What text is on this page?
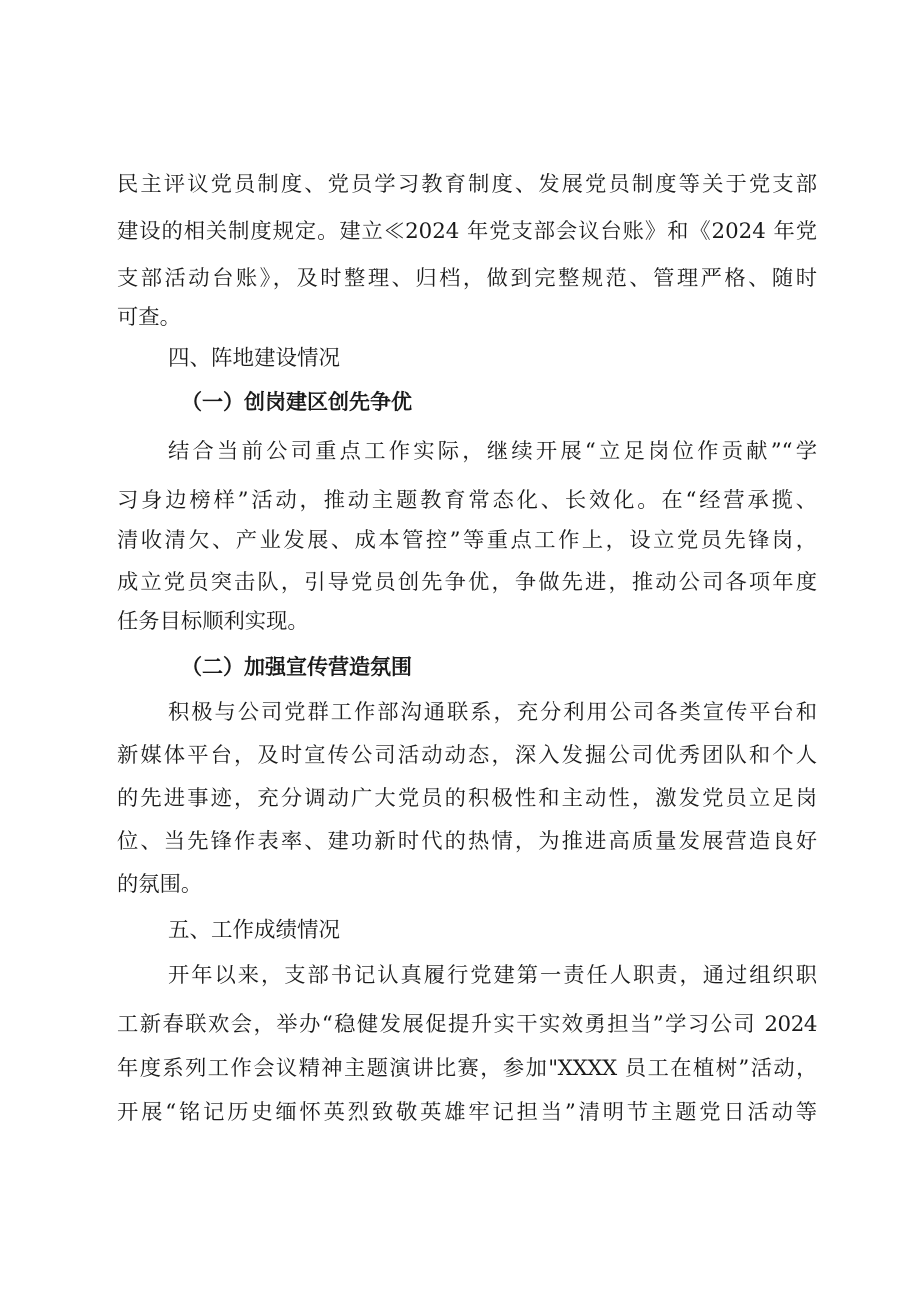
民主评议党员制度、党员学习教育制度、发展党员制度等关于党支部

建设的相关制度规定。建立≪2024 年党支部会议台账》和《2024 年党

支部活动台账》，及时整理、归档，做到完整规范、管理严格、随时

可查。

四、阵地建设情况
（一）创岗建区创先争优

结合当前公司重点工作实际，继续开展“立足岗位作贡献”“学

习身边榜样”活动，推动主题教育常态化、长效化。在“经营承揽、

清收清欠、产业发展、成本管控”等重点工作上，设立党员先锋岗，

成立党员突击队，引导党员创先争优，争做先进，推动公司各项年度

任务目标顺利实现。

（二）加强宣传营造氛围

积极与公司党群工作部沟通联系，充分利用公司各类宣传平台和

新媒体平台，及时宣传公司活动动态，深入发掘公司优秀团队和个人

的先进事迹，充分调动广大党员的积极性和主动性，激发党员立足岗

位、当先锋作表率、建功新时代的热情，为推进高质量发展营造良好

的氛围。

五、工作成绩情况

开年以来，支部书记认真履行党建第一责任人职责，通过组织职

工新春联欢会，举办“稳健发展促提升实干实效勇担当”学习公司 2024

年度系列工作会议精神主题演讲比赛，参加"XXXX 员工在植树”活动，

开展“铭记历史缅怀英烈致敬英雄牢记担当”清明节主题党日活动等
